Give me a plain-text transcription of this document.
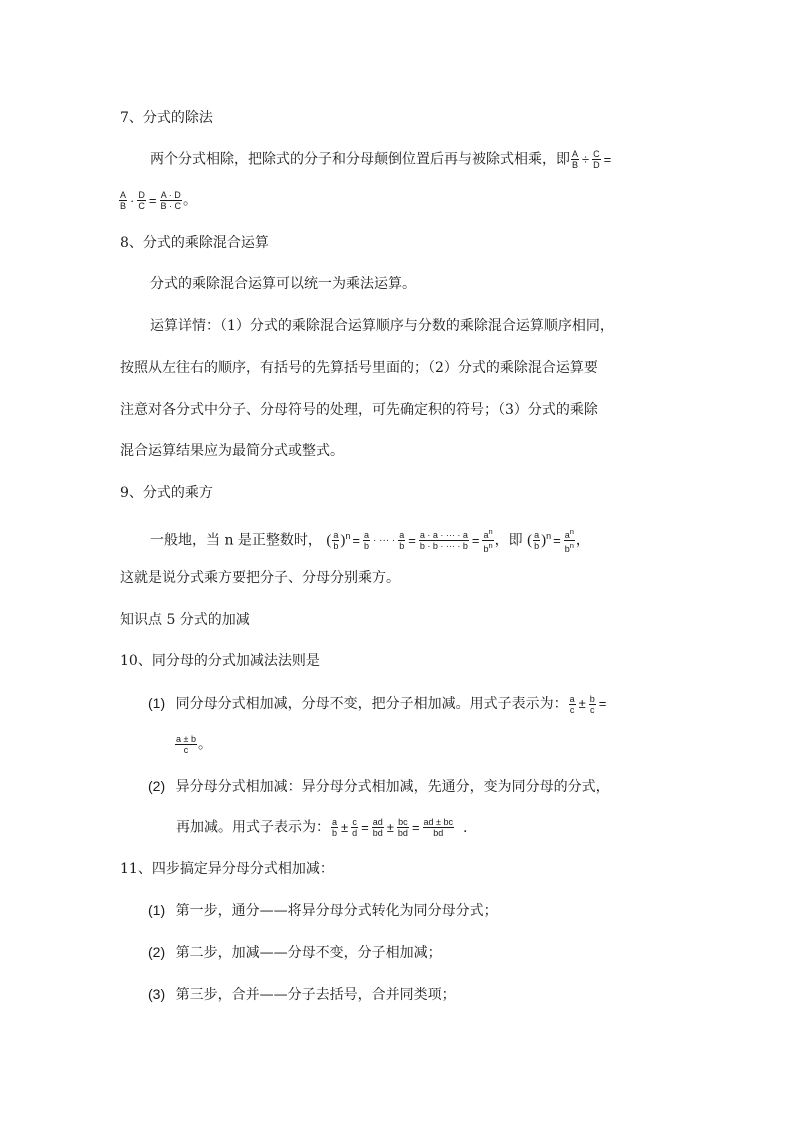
7、分式的除法
两个分式相除，把除式的分子和分母颠倒位置后再与被除式相乘，即 $\frac{A}{B} \div \frac{C}{D}$ =
$\frac{A}{B} \cdot \frac{D}{C} = \frac{A \cdot D}{B \cdot C}$ 。
8、分式的乘除混合运算
分式的乘除混合运算可以统一为乘法运算。
运算详情：（1）分式的乘除混合运算顺序与分数的乘除混合运算顺序相同，
按照从左往右的顺序，有括号的先算括号里面的；（2）分式的乘除混合运算要
注意对各分式中分子、分母符号的处理，可先确定积的符号；（3）分式的乘除
混合运算结果应为最简分式或整式。
9、分式的乘方
一般地，当 n 是正整数时， ( $\frac{a}{b} )^n = \frac{a}{b}$ · ··· · $\frac{a}{b} = \frac{a \cdot a \cdot \cdot\cdot\cdot \cdot a}{b \cdot b \cdot \cdot\cdot\cdot \cdot b} = \frac{a^n}{b^n}$ ，即 ( $\frac{a}{b} )^n = \frac{a^n}{b^n}$ ，
这就是说分式乘方要把分子、分母分别乘方。
知识点 5 分式的加减
10、同分母的分式加减法法则是
(1) 同分母分式相加减，分母不变，把分子相加减。用式子表示为： $\frac{a}{c} \pm \frac{b}{c}$ =
$\frac{a \pm b}{c}$ 。
(2) 异分母分式相加减：异分母分式相加减，先通分，变为同分母的分式，
再加减。用式子表示为： $\frac{a}{b} \pm \frac{c}{d} = \frac{ad}{bd} \pm \frac{bc}{bd} = \frac{ad \pm bc}{bd}$ .
11、四步搞定异分母分式相加减：
(1) 第一步，通分——将异分母分式转化为同分母分式；
(2) 第二步，加减——分母不变，分子相加减；
(3) 第三步，合并——分子去括号，合并同类项；
